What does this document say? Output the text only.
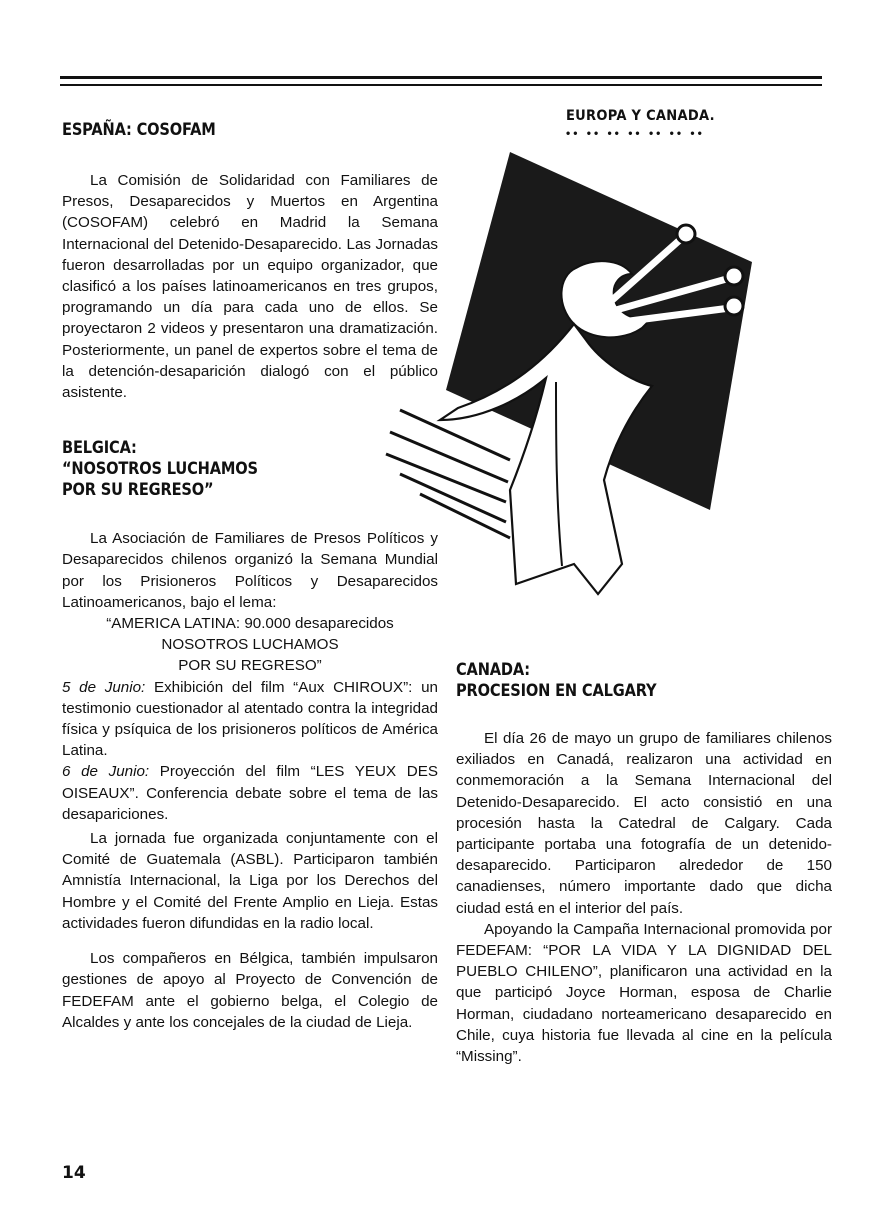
EUROPA Y CANADA.
•• •• •• •• •• •• ••
ESPAÑA: COSOFAM

La Comisión de Solidaridad con Familiares de Presos, Desaparecidos y Muertos en Argentina (COSOFAM) celebró en Madrid la Semana Internacional del Detenido-Desaparecido. Las Jornadas fueron desarrolladas por un equipo organizador, que clasificó a los países latinoamericanos en tres grupos, programando un día para cada uno de ellos. Se proyectaron 2 videos y presentaron una dramatización. Posteriormente, un panel de expertos sobre el tema de la detención-desaparición dialogó con el público asistente.

BELGICA:
“NOSOTROS LUCHAMOS
POR SU REGRESO”

La Asociación de Familiares de Presos Políticos y Desaparecidos chilenos organizó la Semana Mundial por los Prisioneros Políticos y Desaparecidos Latinoamericanos, bajo el lema:

“AMERICA LATINA: 90.000 desaparecidos

NOSOTROS LUCHAMOS

POR SU REGRESO”

5 de Junio: Exhibición del film “Aux CHIROUX”: un testimonio cuestionador al atentado contra la integridad física y psíquica de los prisioneros políticos de América Latina.

6 de Junio: Proyección del film “LES YEUX DES OISEAUX”. Conferencia debate sobre el tema de las desapariciones.

La jornada fue organizada conjuntamente con el Comité de Guatemala (ASBL). Participaron también Amnistía Internacional, la Liga por los Derechos del Hombre y el Comité del Frente Amplio en Lieja. Estas actividades fueron difundidas en la radio local.

Los compañeros en Bélgica, también impulsaron gestiones de apoyo al Proyecto de Convención de FEDEFAM ante el gobierno belga, el Colegio de Alcaldes y ante los concejales de la ciudad de Lieja.

CANADA:
PROCESION EN CALGARY

El día 26 de mayo un grupo de familiares chilenos exiliados en Canadá, realizaron una actividad en conmemoración a la Semana Internacional del Detenido-Desaparecido. El acto consistió en una procesión hasta la Catedral de Calgary. Cada participante portaba una fotografía de un detenido-desaparecido. Participaron alrededor de 150 canadienses, número importante dado que dicha ciudad está en el interior del país.

Apoyando la Campaña Internacional promovida por FEDEFAM: “POR LA VIDA Y LA DIGNIDAD DEL PUEBLO CHILENO”, planificaron una actividad en la que participó Joyce Horman, esposa de Charlie Horman, ciudadano norteamericano desaparecido en Chile, cuya historia fue llevada al cine en la película “Missing”.

14
